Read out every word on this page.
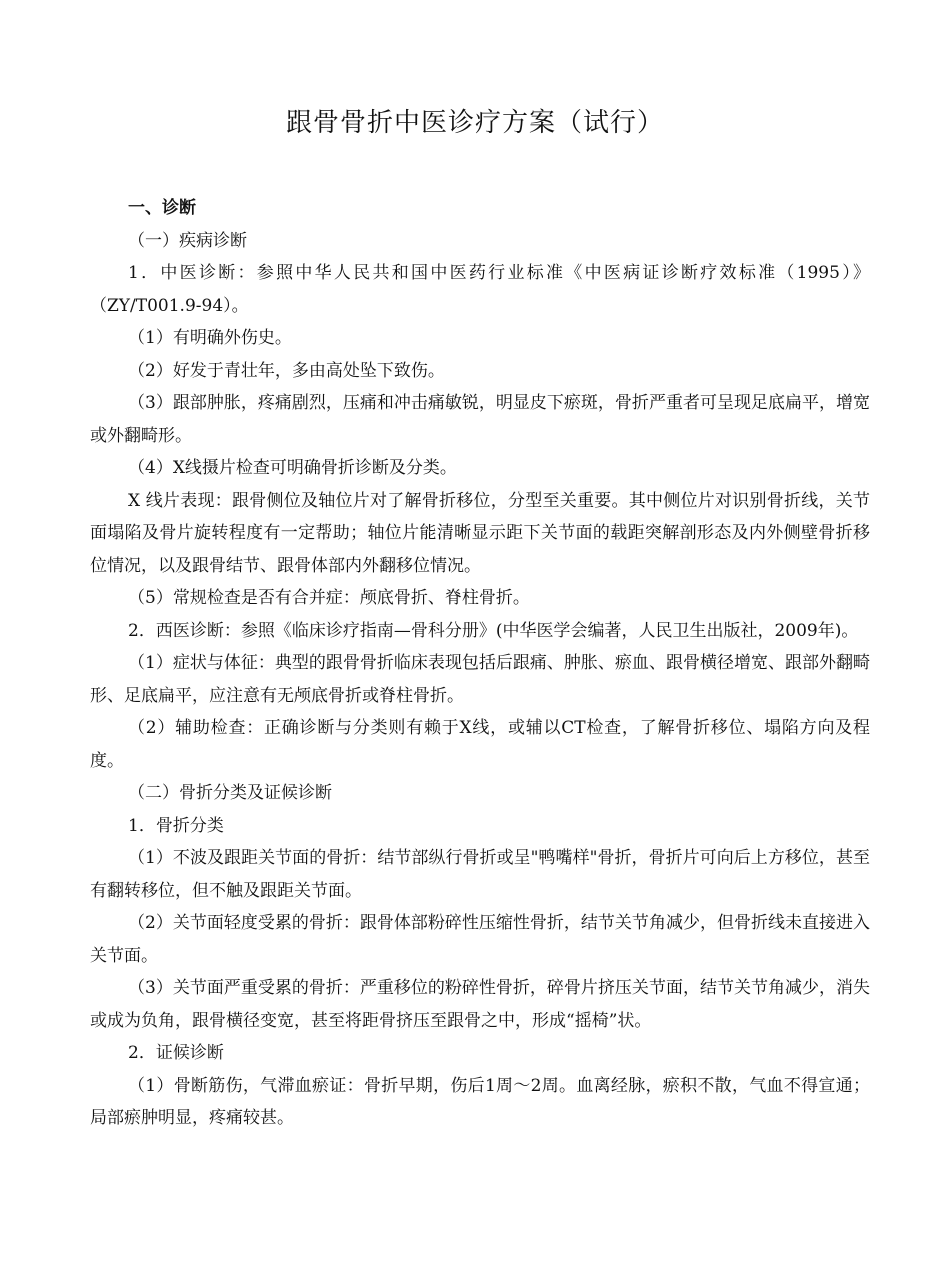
跟骨骨折中医诊疗方案（试行）

一、诊断

（一）疾病诊断

1．中医诊断：参照中华人民共和国中医药行业标准《中医病证诊断疗效标准（1995）》（ZY/T001.9-94）。

（1）有明确外伤史。

（2）好发于青壮年，多由高处坠下致伤。

（3）跟部肿胀，疼痛剧烈，压痛和冲击痛敏锐，明显皮下瘀斑，骨折严重者可呈现足底扁平，增宽或外翻畸形。

（4）X线摄片检查可明确骨折诊断及分类。

X 线片表现：跟骨侧位及轴位片对了解骨折移位，分型至关重要。其中侧位片对识别骨折线，关节面塌陷及骨片旋转程度有一定帮助；轴位片能清晰显示距下关节面的载距突解剖形态及内外侧壁骨折移位情况，以及跟骨结节、跟骨体部内外翻移位情况。

（5）常规检查是否有合并症：颅底骨折、脊柱骨折。

2．西医诊断：参照《临床诊疗指南—骨科分册》(中华医学会编著，人民卫生出版社，2009年)。

（1）症状与体征：典型的跟骨骨折临床表现包括后跟痛、肿胀、瘀血、跟骨横径增宽、跟部外翻畸形、足底扁平，应注意有无颅底骨折或脊柱骨折。

（2）辅助检查：正确诊断与分类则有赖于X线，或辅以CT检查，了解骨折移位、塌陷方向及程度。

（二）骨折分类及证候诊断

1．骨折分类

（1）不波及跟距关节面的骨折：结节部纵行骨折或呈"鸭嘴样"骨折，骨折片可向后上方移位，甚至有翻转移位，但不触及跟距关节面。

（2）关节面轻度受累的骨折：跟骨体部粉碎性压缩性骨折，结节关节角减少，但骨折线未直接进入关节面。

（3）关节面严重受累的骨折：严重移位的粉碎性骨折，碎骨片挤压关节面，结节关节角减少，消失或成为负角，跟骨横径变宽，甚至将距骨挤压至跟骨之中，形成“摇椅”状。

2．证候诊断

（1）骨断筋伤，气滞血瘀证：骨折早期，伤后1周～2周。血离经脉，瘀积不散，气血不得宣通；局部瘀肿明显，疼痛较甚。
